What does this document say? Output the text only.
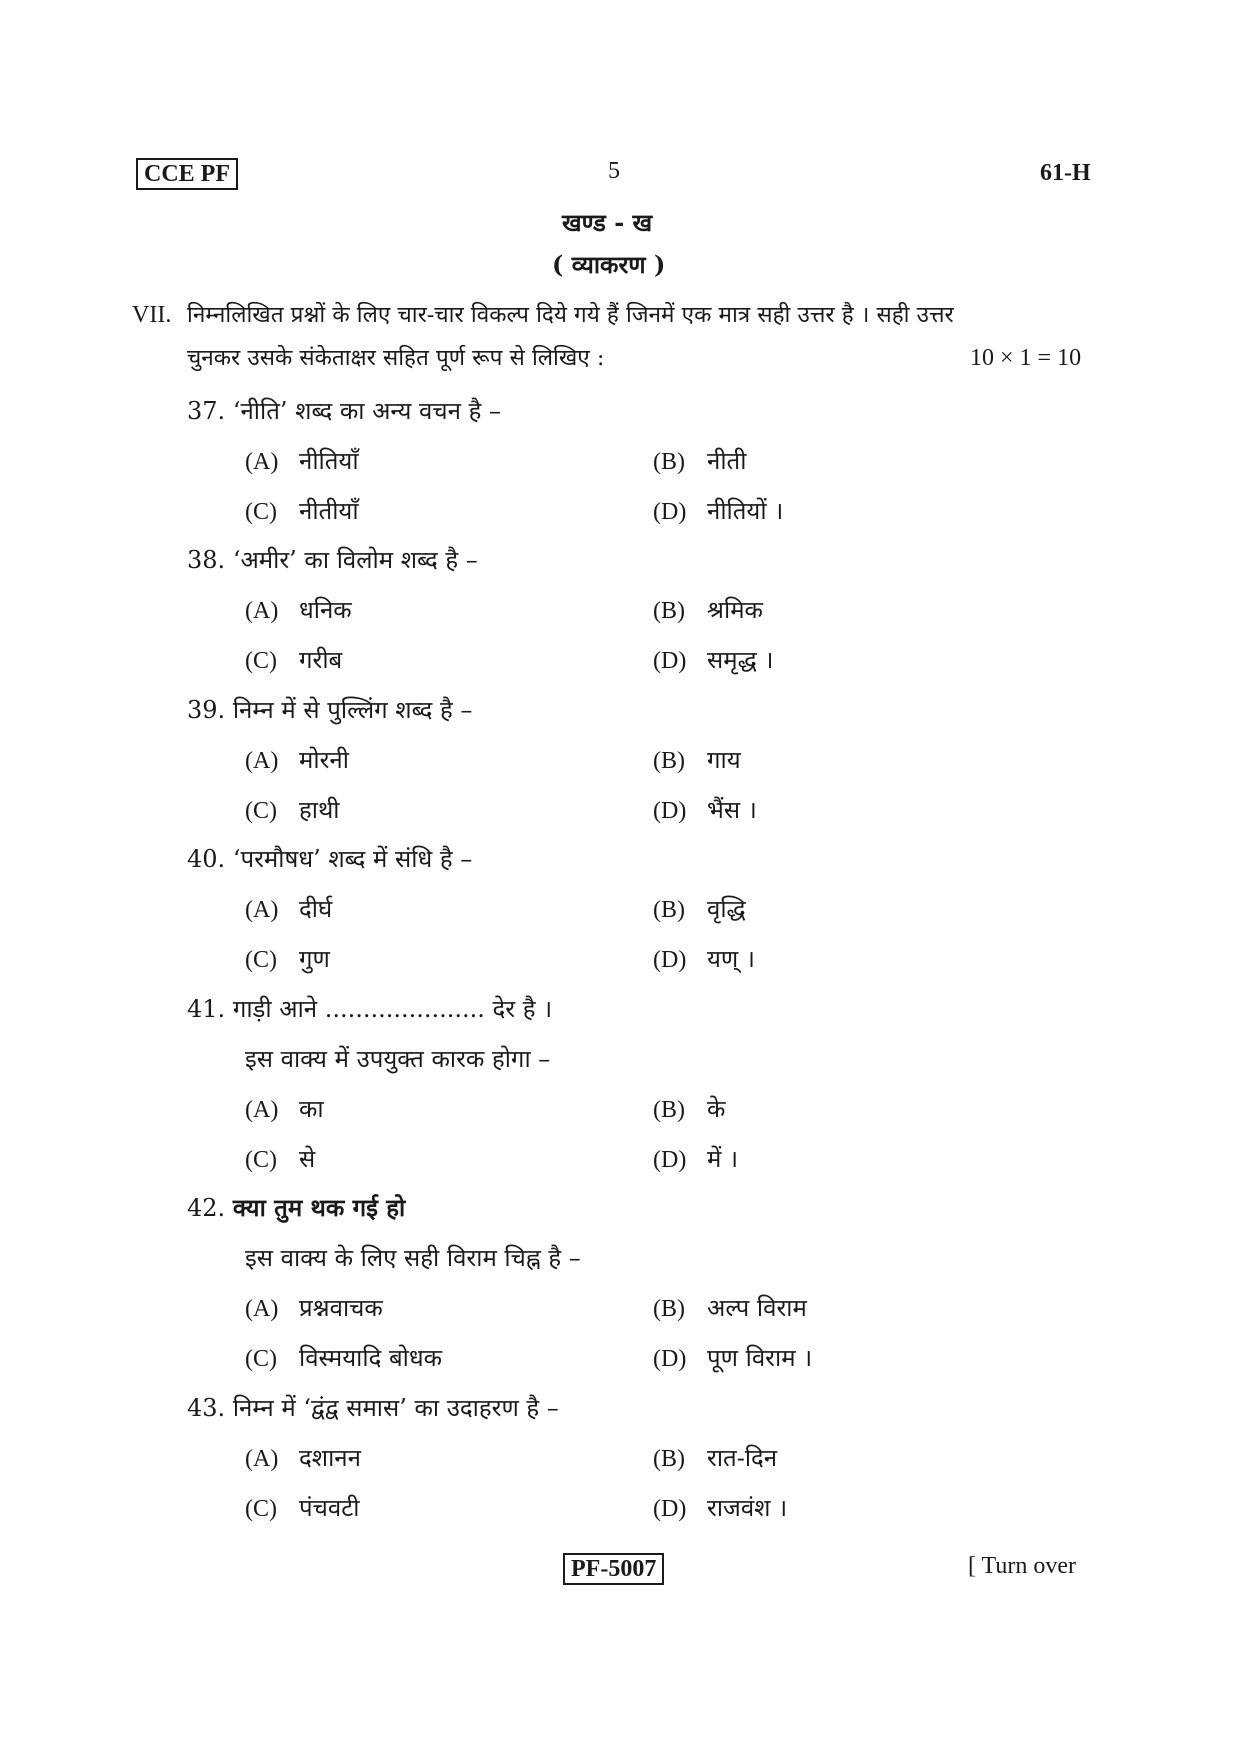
CCE PF	5	61-H
खण्ड - ख
( व्याकरण )
VII. निम्नलिखित प्रश्नों के लिए चार-चार विकल्प दिये गये हैं जिनमें एक मात्र सही उत्तर है । सही उत्तर
चुनकर उसके संकेताक्षर सहित पूर्ण रूप से लिखिए :	10 × 1 = 10
37. ‘नीति’ शब्द का अन्य वचन है –
(A) नीतियाँ	(B) नीती
(C) नीतीयाँ	(D) नीतियों ।
38. ‘अमीर’ का विलोम शब्द है –
(A) धनिक	(B) श्रमिक
(C) गरीब	(D) समृद्ध ।
39. निम्न में से पुल्लिंग शब्द है –
(A) मोरनी	(B) गाय
(C) हाथी	(D) भैंस ।
40. ‘परमौषध’ शब्द में संधि है –
(A) दीर्घ	(B) वृद्धि
(C) गुण	(D) यण् ।
41. गाड़ी आने ..................... देर है ।
इस वाक्य में उपयुक्त कारक होगा –
(A) का	(B) के
(C) से	(D) में ।
42. क्या तुम थक गई हो
इस वाक्य के लिए सही विराम चिह्न है –
(A) प्रश्नवाचक	(B) अल्प विराम
(C) विस्मयादि बोधक	(D) पूण विराम ।
43. निम्न में ‘द्वंद्व समास’ का उदाहरण है –
(A) दशानन	(B) रात-दिन
(C) पंचवटी	(D) राजवंश ।
PF-5007	[ Turn over
